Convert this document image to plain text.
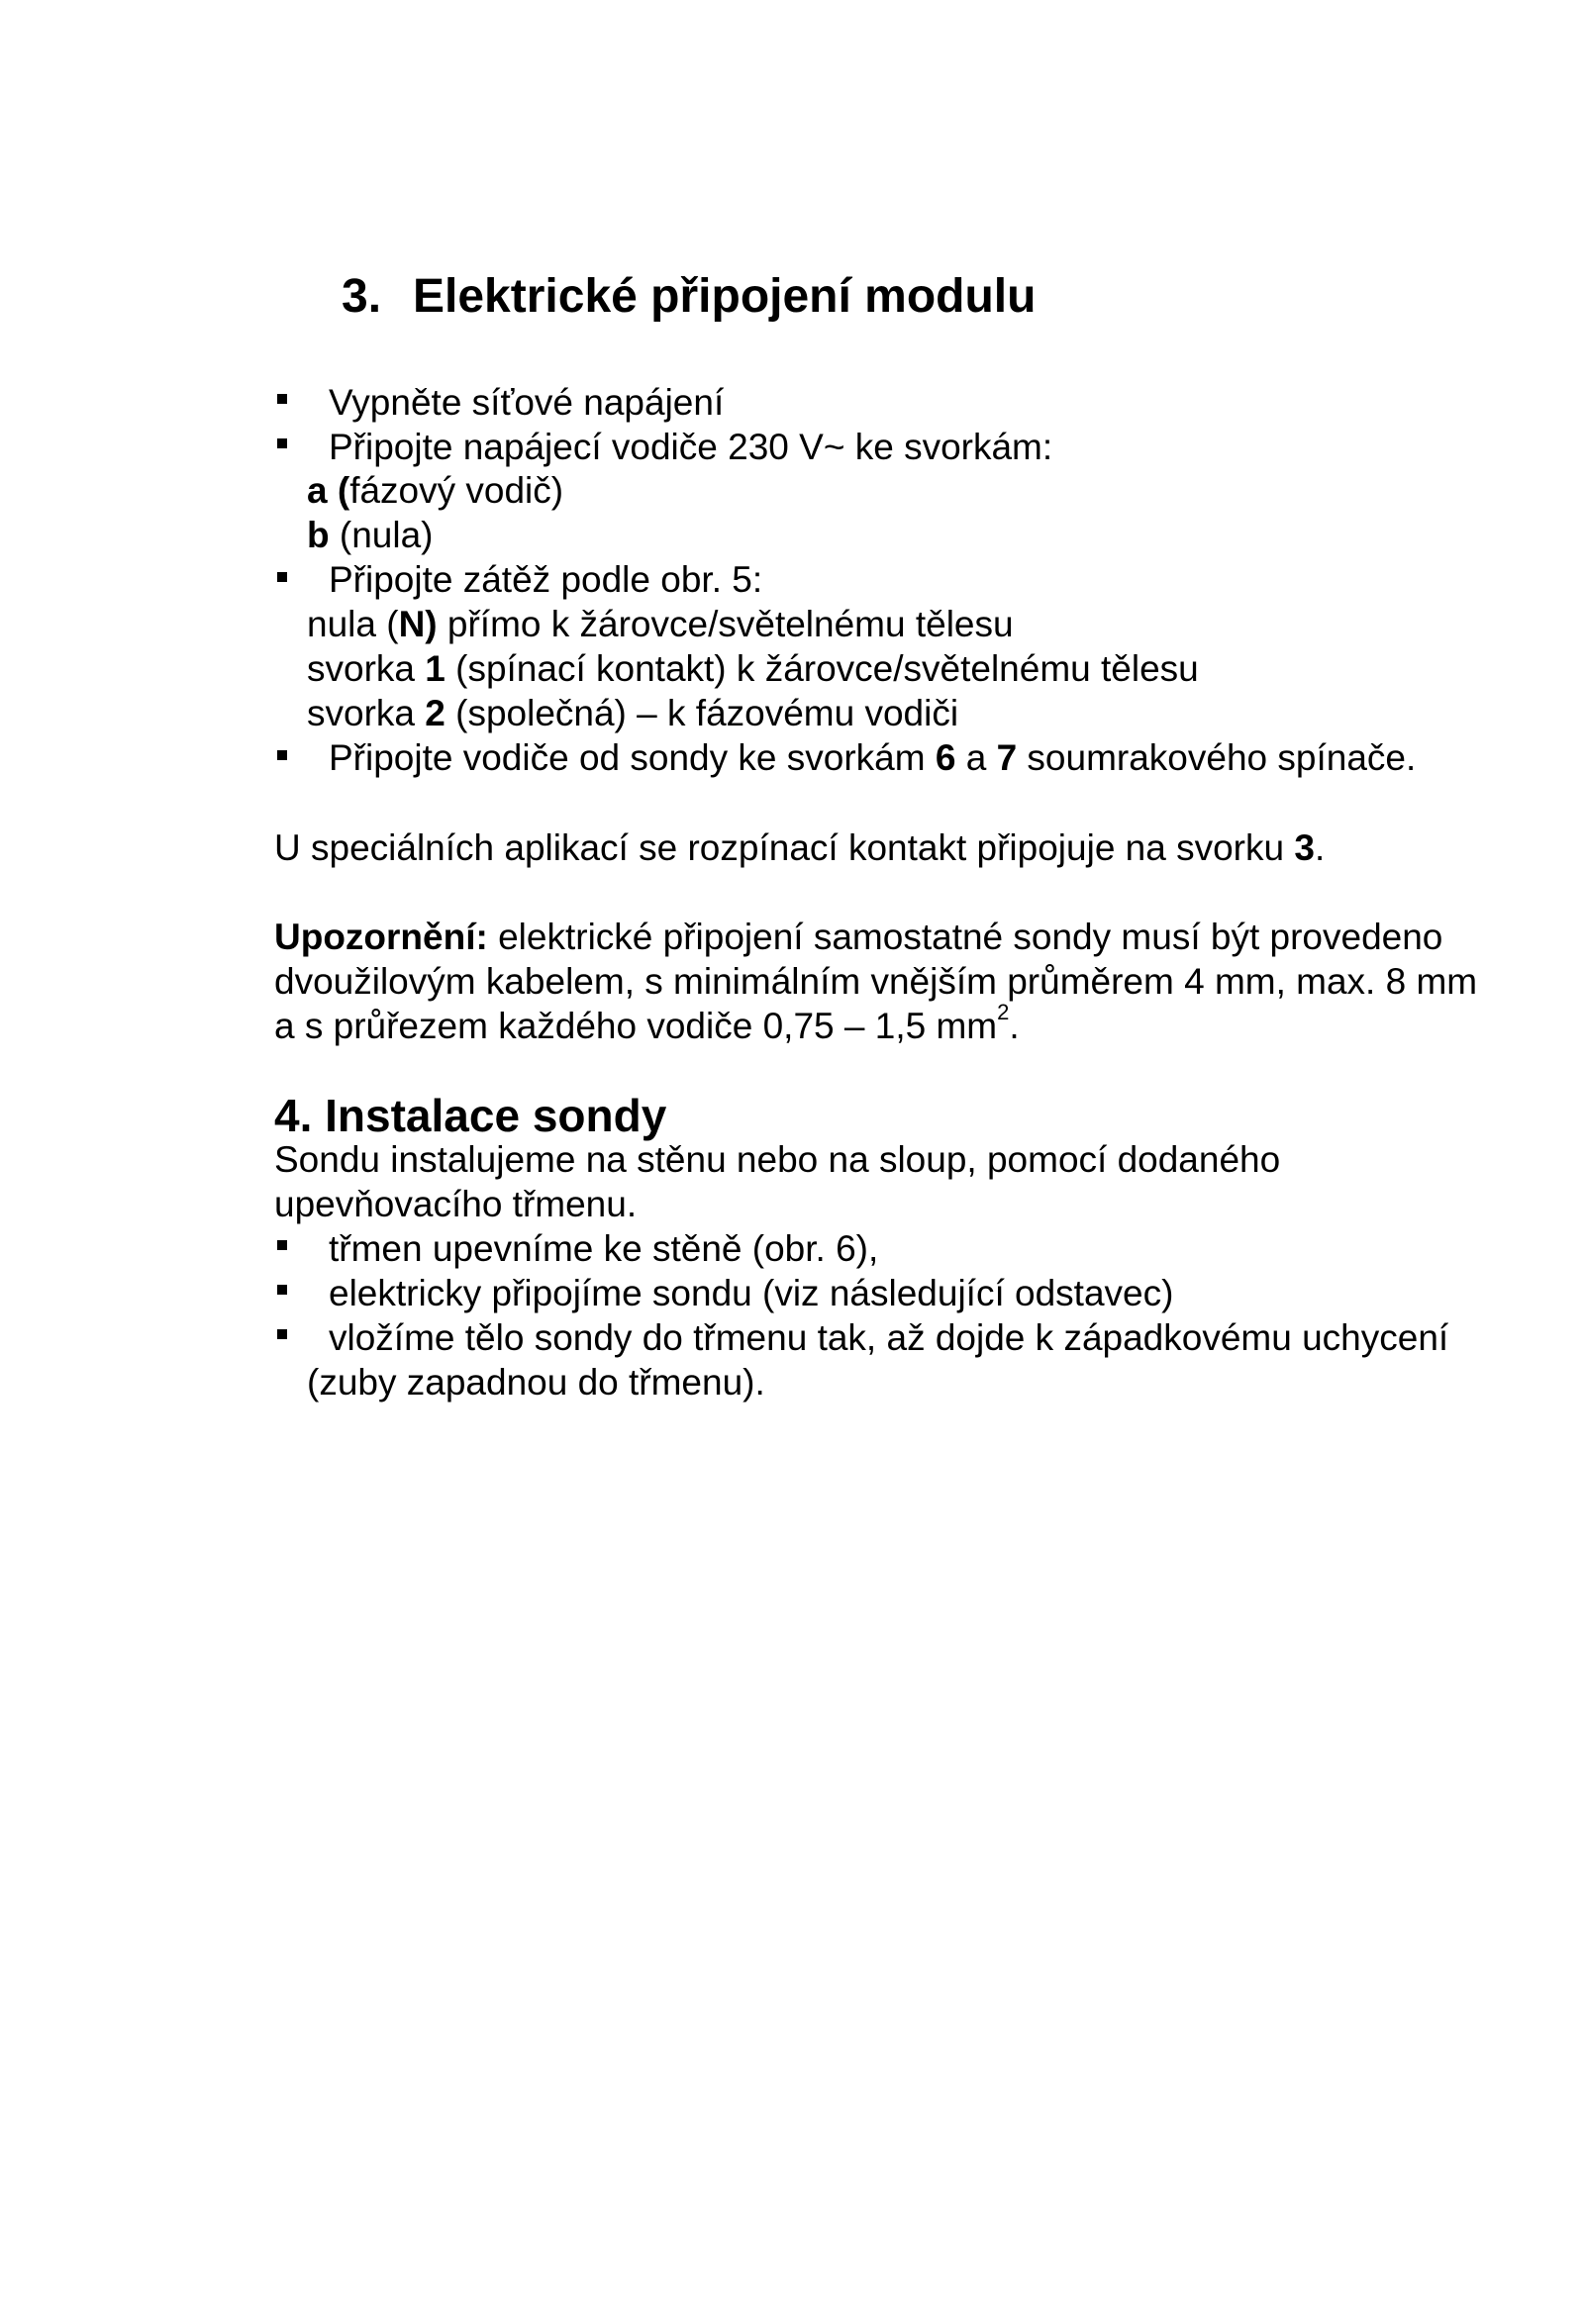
3. Elektrické připojení modulu
Vypněte síťové napájení
Připojte napájecí vodiče 230 V~ ke svorkám:
a (fázový vodič)
b (nula)
Připojte zátěž podle obr. 5:
nula (N) přímo k žárovce/světelnému tělesu
svorka 1 (spínací kontakt) k žárovce/světelnému tělesu
svorka 2 (společná) – k fázovému vodiči
Připojte vodiče od sondy ke svorkám 6 a 7 soumrakového spínače.
U speciálních aplikací se rozpínací kontakt připojuje na svorku 3.
Upozornění: elektrické připojení samostatné sondy musí být provedeno
dvoužilovým kabelem, s minimálním vnějším průměrem 4 mm, max. 8 mm
a s průřezem každého vodiče 0,75 – 1,5 $mm^2$.
4. Instalace sondy
Sondu instalujeme na stěnu nebo na sloup, pomocí dodaného
upevňovacího třmenu.
třmen upevníme ke stěně (obr. 6),
elektricky připojíme sondu (viz následující odstavec)
vložíme tělo sondy do třmenu tak, až dojde k západkovému uchycení
(zuby zapadnou do třmenu).
